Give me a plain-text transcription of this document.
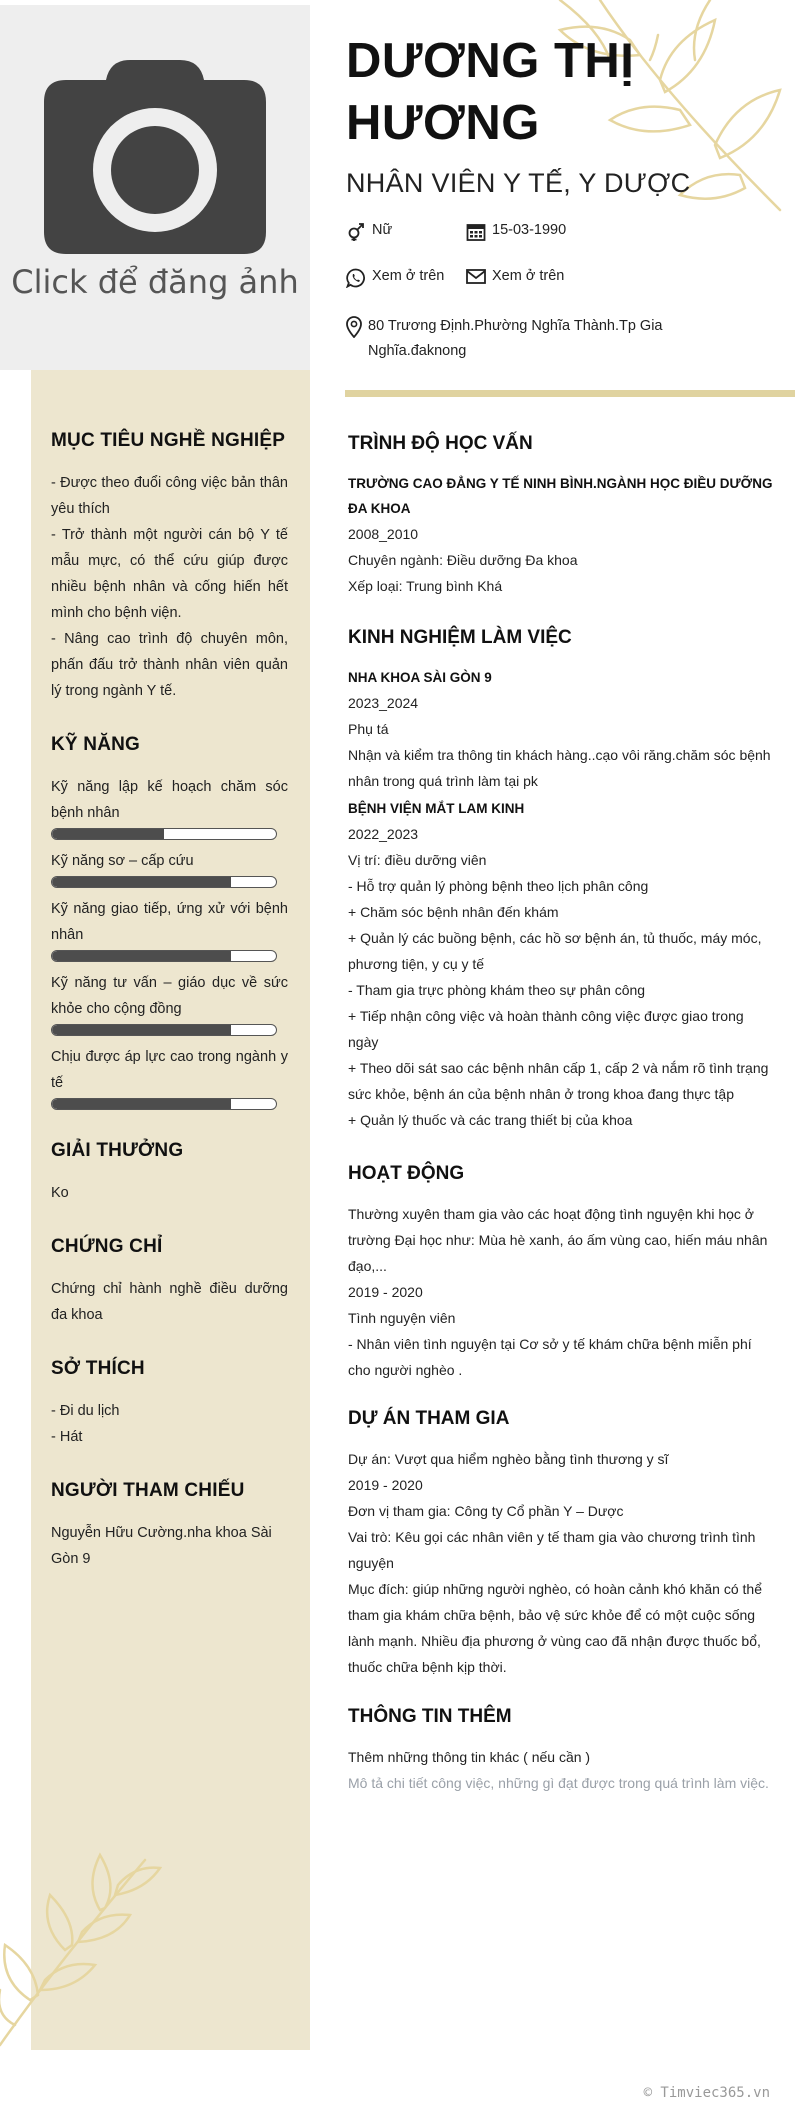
Click để đăng ảnh
DƯƠNG THỊ HƯƠNG
NHÂN VIÊN Y TẾ, Y DƯỢC
Nữ	15-03-1990
Xem ở trên	Xem ở trên
80 Trương Định.Phường Nghĩa Thành.Tp Gia Nghĩa.đaknong
MỤC TIÊU NGHỀ NGHIỆP
- Được theo đuổi công việc bản thân yêu thích
- Trở thành một người cán bộ Y tế mẫu mực, có thể cứu giúp được nhiều bệnh nhân và cống hiến hết mình cho bệnh viện.
- Nâng cao trình độ chuyên môn, phấn đấu trở thành nhân viên quản lý trong ngành Y tế.
KỸ NĂNG
Kỹ năng lập kế hoạch chăm sóc bệnh nhân
Kỹ năng sơ – cấp cứu
Kỹ năng giao tiếp, ứng xử với bệnh nhân
Kỹ năng tư vấn – giáo dục về sức khỏe cho cộng đồng
Chịu được áp lực cao trong ngành y tế
GIẢI THƯỞNG
Ko
CHỨNG CHỈ
Chứng chỉ hành nghề điều dưỡng đa khoa
SỞ THÍCH
- Đi du lịch
- Hát
NGƯỜI THAM CHIẾU
Nguyễn Hữu Cường.nha khoa Sài Gòn 9
TRÌNH ĐỘ HỌC VẤN
TRƯỜNG CAO ĐẲNG Y TẾ NINH BÌNH.NGÀNH HỌC ĐIỀU DƯỠNG ĐA KHOA
2008_2010
Chuyên ngành: Điều dưỡng Đa khoa
Xếp loại: Trung bình Khá
KINH NGHIỆM LÀM VIỆC
NHA KHOA SÀI GÒN 9
2023_2024
Phụ tá
Nhận và kiểm tra thông tin khách hàng..cạo vôi răng.chăm sóc bệnh nhân trong quá trình làm tại pk
BỆNH VIỆN MẮT LAM KINH
2022_2023
Vị trí: điều dưỡng viên
- Hỗ trợ quản lý phòng bệnh theo lịch phân công
+ Chăm sóc bệnh nhân đến khám
+ Quản lý các buồng bệnh, các hồ sơ bệnh án, tủ thuốc, máy móc, phương tiện, y cụ y tế
- Tham gia trực phòng khám theo sự phân công
+ Tiếp nhận công việc và hoàn thành công việc được giao trong ngày
+ Theo dõi sát sao các bệnh nhân cấp 1, cấp 2 và nắm rõ tình trạng sức khỏe, bệnh án của bệnh nhân ở trong khoa đang thực tập
+ Quản lý thuốc và các trang thiết bị của khoa
HOẠT ĐỘNG
Thường xuyên tham gia vào các hoạt động tình nguyện khi học ở trường Đại học như: Mùa hè xanh, áo ấm vùng cao, hiến máu nhân đạo,...
2019 - 2020
Tình nguyện viên
- Nhân viên tình nguyện tại Cơ sở y tế khám chữa bệnh miễn phí cho người nghèo .
DỰ ÁN THAM GIA
Dự án: Vượt qua hiểm nghèo bằng tình thương y sĩ
2019 - 2020
Đơn vị tham gia: Công ty Cổ phần Y – Dược
Vai trò: Kêu gọi các nhân viên y tế tham gia vào chương trình tình nguyện
Mục đích: giúp những người nghèo, có hoàn cảnh khó khăn có thể tham gia khám chữa bệnh, bảo vệ sức khỏe để có một cuộc sống lành mạnh. Nhiều địa phương ở vùng cao đã nhận được thuốc bổ, thuốc chữa bệnh kịp thời.
THÔNG TIN THÊM
Thêm những thông tin khác ( nếu cần )
Mô tả chi tiết công việc, những gì đạt được trong quá trình làm việc.
© Timviec365.vn
